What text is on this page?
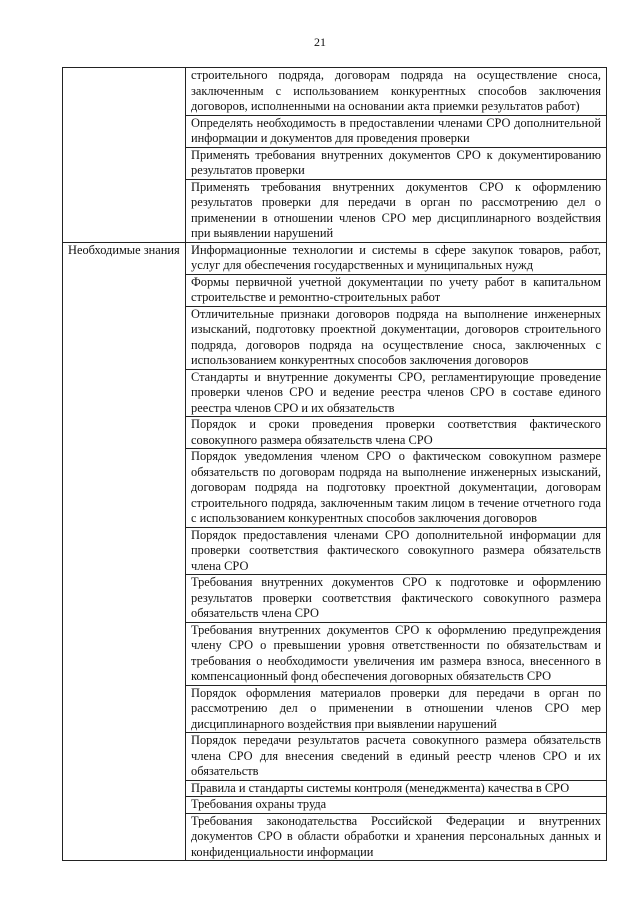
21
	строительного подряда, договорам подряда на осуществление сноса, заключенным с использованием конкурентных способов заключения договоров, исполненными на основании акта приемки результатов работ)
	Определять необходимость в предоставлении членами СРО дополнительной информации и документов для проведения проверки
	Применять требования внутренних документов СРО к документированию результатов проверки
	Применять требования внутренних документов СРО к оформлению результатов проверки для передачи в орган по рассмотрению дел о применении в отношении членов СРО мер дисциплинарного воздействия при выявлении нарушений
Необходимые знания	Информационные технологии и системы в сфере закупок товаров, работ, услуг для обеспечения государственных и муниципальных нужд
	Формы первичной учетной документации по учету работ в капитальном строительстве и ремонтно-строительных работ
	Отличительные признаки договоров подряда на выполнение инженерных изысканий, подготовку проектной документации, договоров строительного подряда, договоров подряда на осуществление сноса, заключенных с использованием конкурентных способов заключения договоров
	Стандарты и внутренние документы СРО, регламентирующие проведение проверки членов СРО и ведение реестра членов СРО в составе единого реестра членов СРО и их обязательств
	Порядок и сроки проведения проверки соответствия фактического совокупного размера обязательств члена СРО
	Порядок уведомления членом СРО о фактическом совокупном размере обязательств по договорам подряда на выполнение инженерных изысканий, договорам подряда на подготовку проектной документации, договорам строительного подряда, заключенным таким лицом в течение отчетного года с использованием конкурентных способов заключения договоров
	Порядок предоставления членами СРО дополнительной информации для проверки соответствия фактического совокупного размера обязательств члена СРО
	Требования внутренних документов СРО к подготовке и оформлению результатов проверки соответствия фактического совокупного размера обязательств члена СРО
	Требования внутренних документов СРО к оформлению предупреждения члену СРО о превышении уровня ответственности по обязательствам и требования о необходимости увеличения им размера взноса, внесенного в компенсационный фонд обеспечения договорных обязательств СРО
	Порядок оформления материалов проверки для передачи в орган по рассмотрению дел о применении в отношении членов СРО мер дисциплинарного воздействия при выявлении нарушений
	Порядок передачи результатов расчета совокупного размера обязательств члена СРО для внесения сведений в единый реестр членов СРО и их обязательств
	Правила и стандарты системы контроля (менеджмента) качества в СРО
	Требования охраны труда
	Требования законодательства Российской Федерации и внутренних документов СРО в области обработки и хранения персональных данных и конфиденциальности информации
